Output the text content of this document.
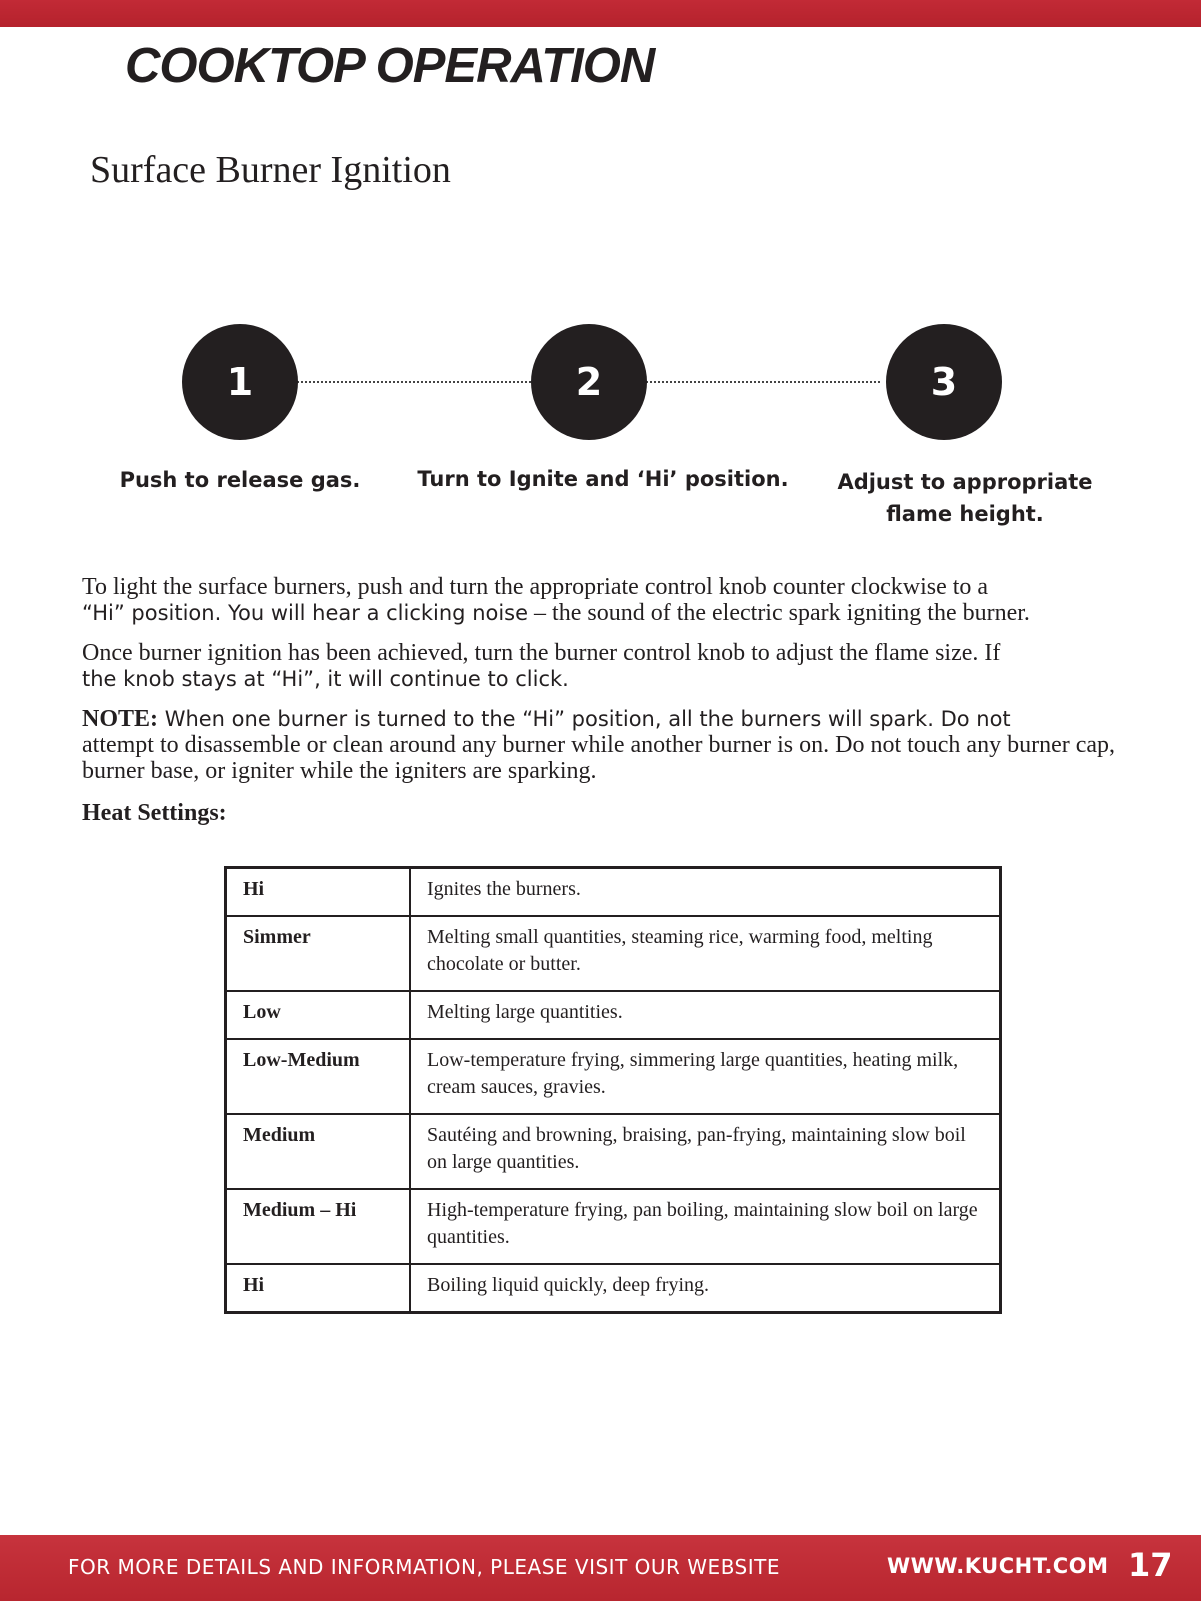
COOKTOP OPERATION
Surface Burner Ignition
1	2	3

Push to release gas.	Turn to Ignite and ‘Hi’ position.	Adjust to appropriate
flame height.

To light the surface burners, push and turn the appropriate control knob counter clockwise to a
“Hi” position. You will hear a clicking noise – the sound of the electric spark igniting the burner.

Once burner ignition has been achieved, turn the burner control knob to adjust the flame size. If
the knob stays at “Hi”, it will continue to click.

NOTE: When one burner is turned to the “Hi” position, all the burners will spark. Do not
attempt to disassemble or clean around any burner while another burner is on. Do not touch any burner cap, burner base, or igniter while the igniters are sparking.

Heat Settings:
Hi	Ignites the burners.
Simmer	Melting small quantities, steaming rice, warming food, melting chocolate or butter.
Low	Melting large quantities.
Low-Medium	Low-temperature frying, simmering large quantities, heating milk, cream sauces, gravies.
Medium	Sautéing and browning, braising, pan-frying, maintaining slow boil on large quantities.
Medium – Hi	High-temperature frying, pan boiling, maintaining slow boil on large quantities.
Hi	Boiling liquid quickly, deep frying.
FOR MORE DETAILS AND INFORMATION, PLEASE VISIT OUR WEBSITE	WWW.KUCHT.COM 17
